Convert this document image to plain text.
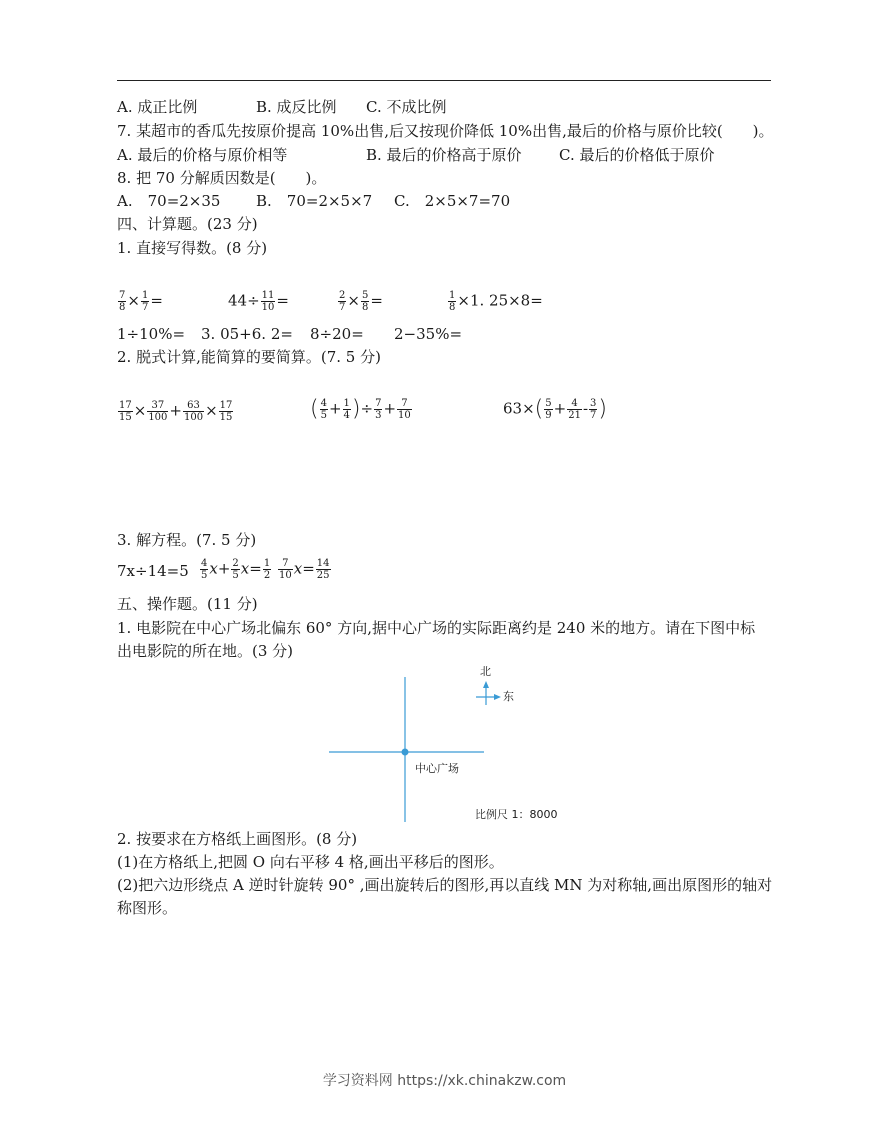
A. 成正比例	B. 成反比例 C. 不成比例
7. 某超市的香瓜先按原价提高 10%出售,后又按现价降低 10%出售,最后的价格与原价比较(　　)。
A. 最后的价格与原价相等	B. 最后的价格高于原价 C. 最后的价格低于原价
8. 把 70 分解质因数是(　　)。
A.　70=2×35 B.　70=2×5×7 C.　2×5×7=70
四、计算题。(23 分)
1. 直接写得数。(8 分)
$\frac{7}{8} \times \frac{1}{7}$ =	$44\div \frac{11}{10}$ =	$\frac{2}{7} \times \frac{5}{8}$ =	$\frac{1}{8} \times 1$. 25×8=
1÷10%= 3. 05+6. 2= 8÷20= 2−35%=
2. 脱式计算,能简算的要简算。(7. 5 分)
$\frac{17}{15} \times \frac{37}{100} + \frac{63}{100} \times \frac{17}{15}$	( $\frac{4}{5} + \frac{1}{4}$ )÷ $\frac{7}{3} + \frac{7}{10}$	$63\times( \frac{5}{9} + \frac{4}{21} - \frac{3}{7}$ )
3. 解方程。(7. 5 分)
$7x\div 14=5 \frac{4}{5} x+ \frac{2}{5} x= \frac{1}{2}$
$\frac{7}{10} x= \frac{14}{25}$
五、操作题。(11 分)
1. 电影院在中心广场北偏东 60° 方向,据中心广场的实际距离约是 240 米的地方。请在下图中标
出电影院的所在地。(3 分)
北
东
中心广场
比例尺 1：8000
2. 按要求在方格纸上画图形。(8 分)
(1)在方格纸上,把圆 O 向右平移 4 格,画出平移后的图形。
(2)把六边形绕点 A 逆时针旋转 90° ,画出旋转后的图形,再以直线 MN 为对称轴,画出原图形的轴对
称图形。
学习资料网 https://xk.chinakzw.com
